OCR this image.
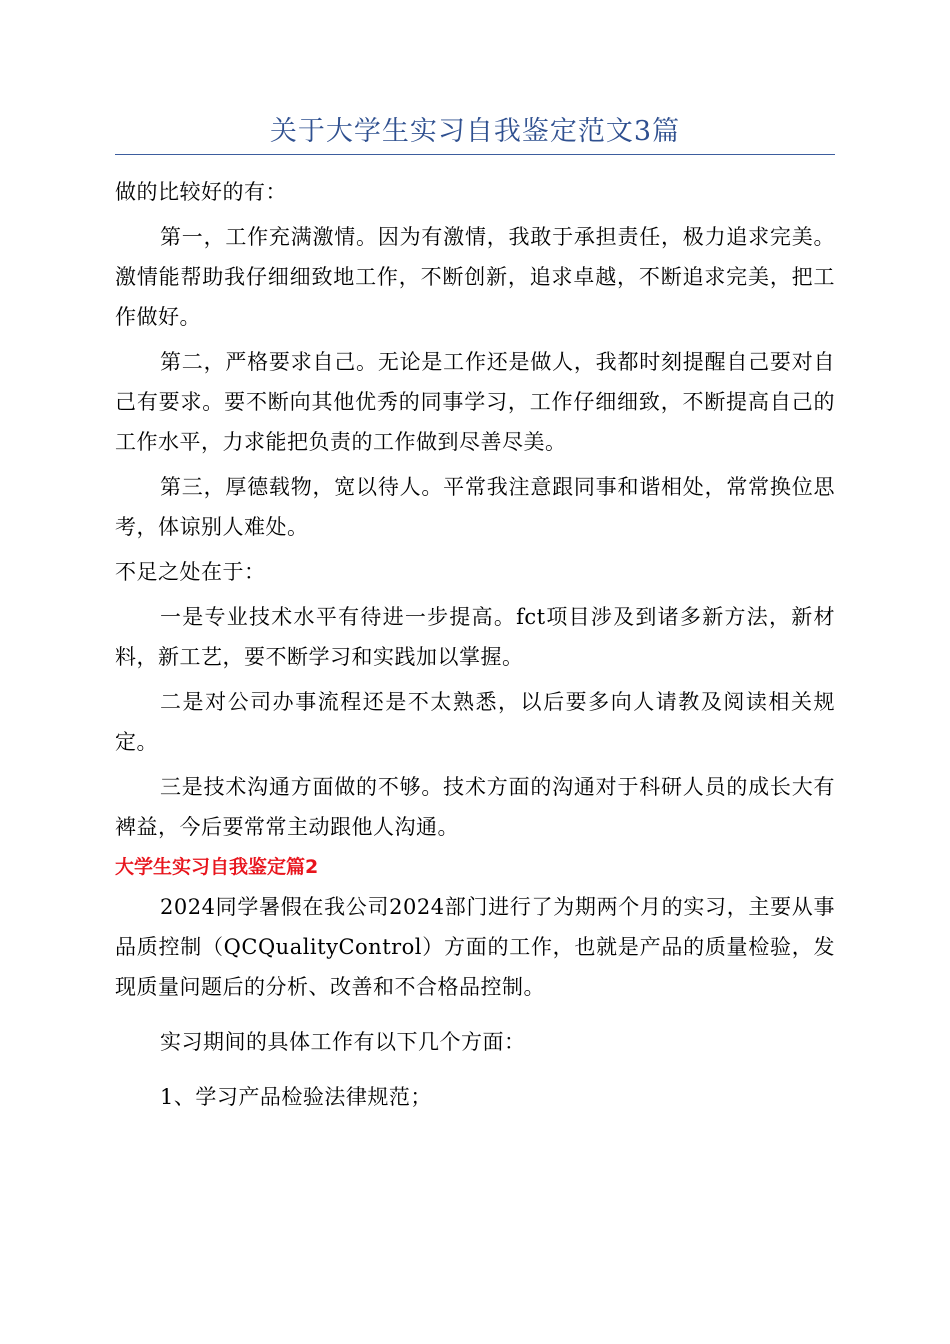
关于大学生实习自我鉴定范文3篇

做的比较好的有：

第一，工作充满激情。因为有激情，我敢于承担责任，极力追求完美。激情能帮助我仔细细致地工作，不断创新，追求卓越，不断追求完美，把工作做好。

第二，严格要求自己。无论是工作还是做人，我都时刻提醒自己要对自己有要求。要不断向其他优秀的同事学习，工作仔细细致，不断提高自己的工作水平，力求能把负责的工作做到尽善尽美。

第三，厚德载物，宽以待人。平常我注意跟同事和谐相处，常常换位思考，体谅别人难处。

不足之处在于：

一是专业技术水平有待进一步提高。fct项目涉及到诸多新方法，新材料，新工艺，要不断学习和实践加以掌握。

二是对公司办事流程还是不太熟悉，以后要多向人请教及阅读相关规定。

三是技术沟通方面做的不够。技术方面的沟通对于科研人员的成长大有裨益，今后要常常主动跟他人沟通。

大学生实习自我鉴定篇2

2024同学暑假在我公司2024部门进行了为期两个月的实习，主要从事品质控制（QCQualityControl）方面的工作，也就是产品的质量检验，发现质量问题后的分析、改善和不合格品控制。

实习期间的具体工作有以下几个方面：

1、学习产品检验法律规范；
